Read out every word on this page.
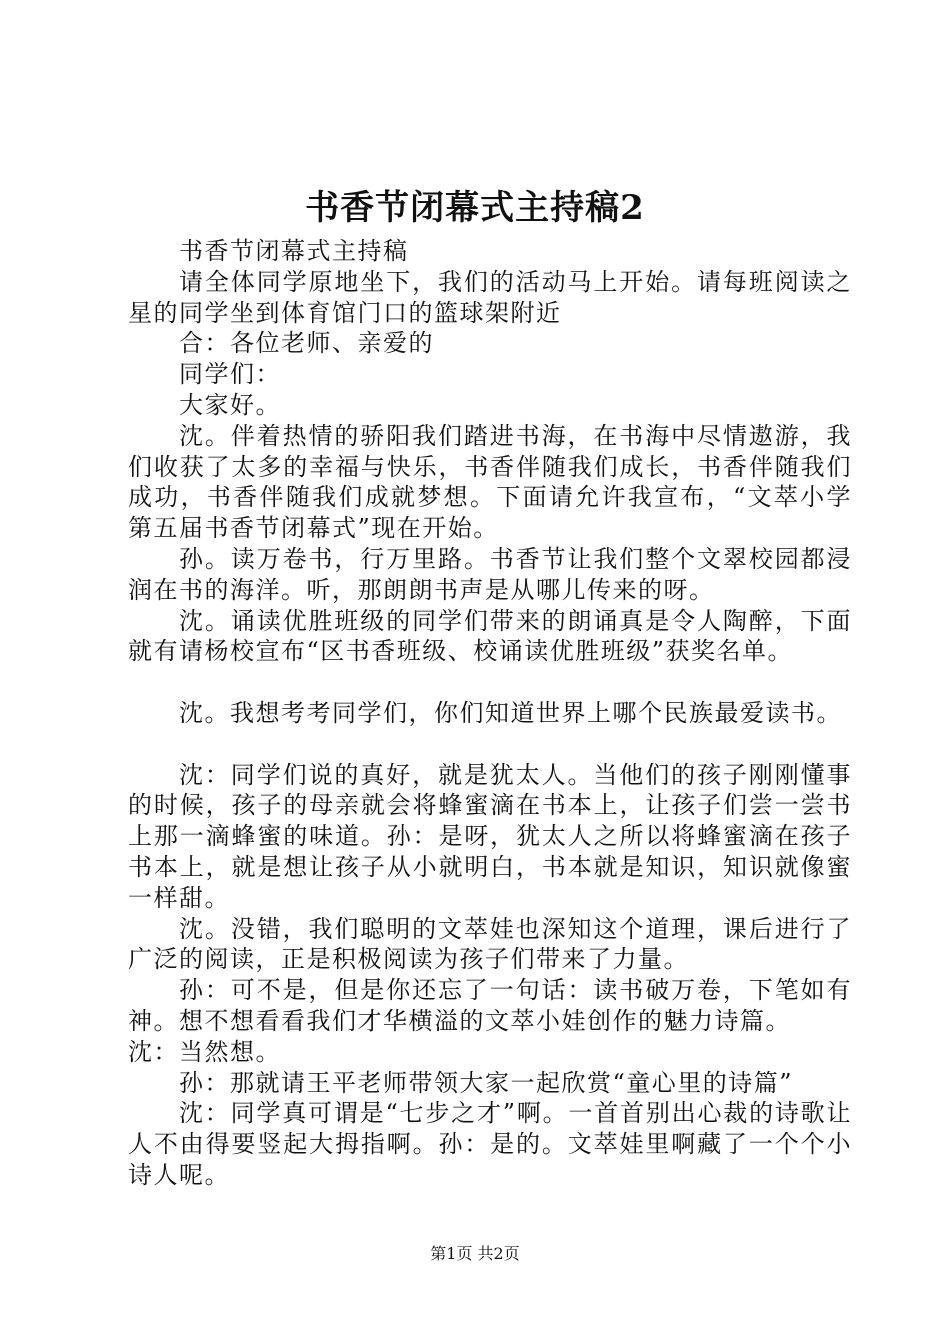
书香节闭幕式主持稿2

书香节闭幕式主持稿

请全体同学原地坐下，我们的活动马上开始。请每班阅读之星的同学坐到体育馆门口的篮球架附近

合：各位老师、亲爱的

同学们：

大家好。

沈。伴着热情的骄阳我们踏进书海，在书海中尽情遨游，我们收获了太多的幸福与快乐，书香伴随我们成长，书香伴随我们成功，书香伴随我们成就梦想。下面请允许我宣布，“文萃小学第五届书香节闭幕式”现在开始。

孙。读万卷书，行万里路。书香节让我们整个文翠校园都浸润在书的海洋。听，那朗朗书声是从哪儿传来的呀。

沈。诵读优胜班级的同学们带来的朗诵真是令人陶醉，下面就有请杨校宣布“区书香班级、校诵读优胜班级”获奖名单。

沈。我想考考同学们，你们知道世界上哪个民族最爱读书。

沈：同学们说的真好，就是犹太人。当他们的孩子刚刚懂事的时候，孩子的母亲就会将蜂蜜滴在书本上，让孩子们尝一尝书上那一滴蜂蜜的味道。孙：是呀，犹太人之所以将蜂蜜滴在孩子书本上，就是想让孩子从小就明白，书本就是知识，知识就像蜜一样甜。

沈。没错，我们聪明的文萃娃也深知这个道理，课后进行了广泛的阅读，正是积极阅读为孩子们带来了力量。

孙：可不是，但是你还忘了一句话：读书破万卷，下笔如有神。想不想看看我们才华横溢的文萃小娃创作的魅力诗篇。

沈：当然想。

孙：那就请王平老师带领大家一起欣赏“童心里的诗篇”

沈：同学真可谓是“七步之才”啊。一首首别出心裁的诗歌让人不由得要竖起大拇指啊。孙：是的。文萃娃里啊藏了一个个小诗人呢。

第1页 共2页
